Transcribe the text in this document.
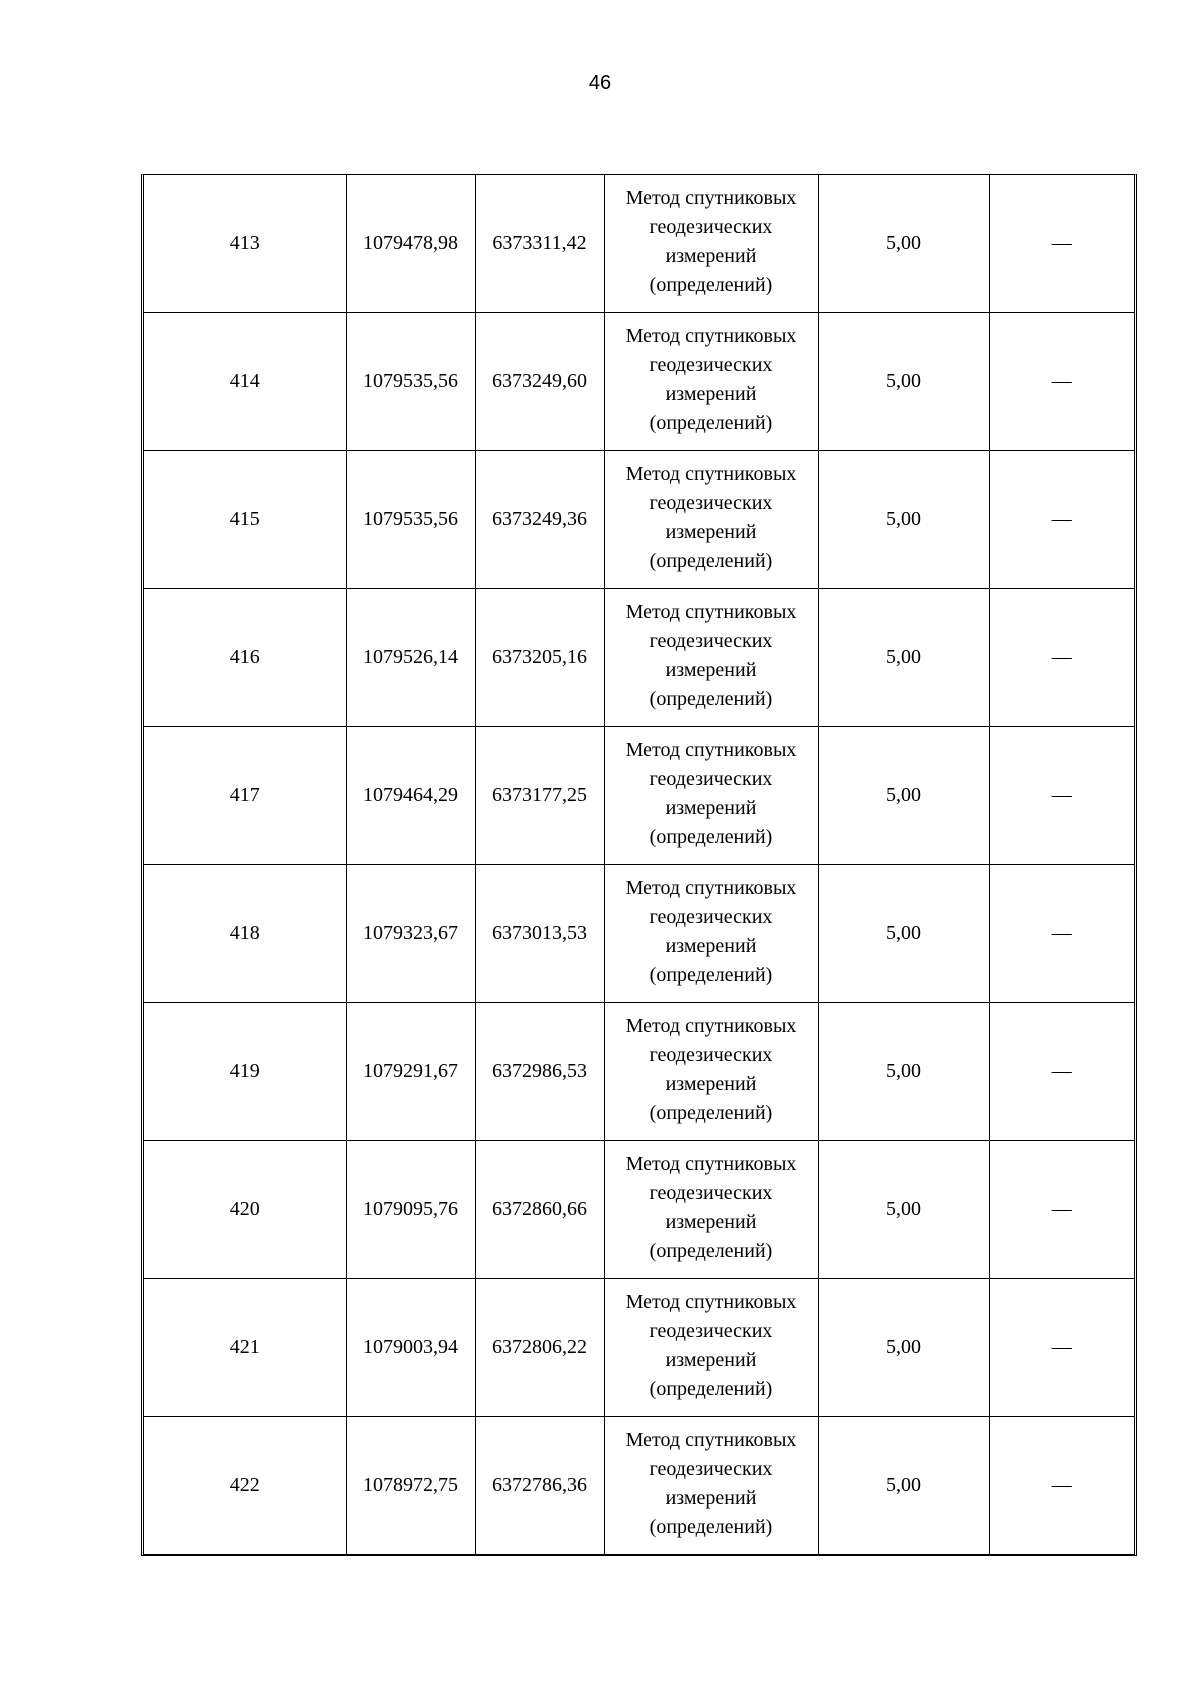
46
413	1079478,98	6373311,42	Метод спутниковых
геодезических
измерений
(определений)	5,00	—
414	1079535,56	6373249,60	Метод спутниковых
геодезических
измерений
(определений)	5,00	—
415	1079535,56	6373249,36	Метод спутниковых
геодезических
измерений
(определений)	5,00	—
416	1079526,14	6373205,16	Метод спутниковых
геодезических
измерений
(определений)	5,00	—
417	1079464,29	6373177,25	Метод спутниковых
геодезических
измерений
(определений)	5,00	—
418	1079323,67	6373013,53	Метод спутниковых
геодезических
измерений
(определений)	5,00	—
419	1079291,67	6372986,53	Метод спутниковых
геодезических
измерений
(определений)	5,00	—
420	1079095,76	6372860,66	Метод спутниковых
геодезических
измерений
(определений)	5,00	—
421	1079003,94	6372806,22	Метод спутниковых
геодезических
измерений
(определений)	5,00	—
422	1078972,75	6372786,36	Метод спутниковых
геодезических
измерений
(определений)	5,00	—
